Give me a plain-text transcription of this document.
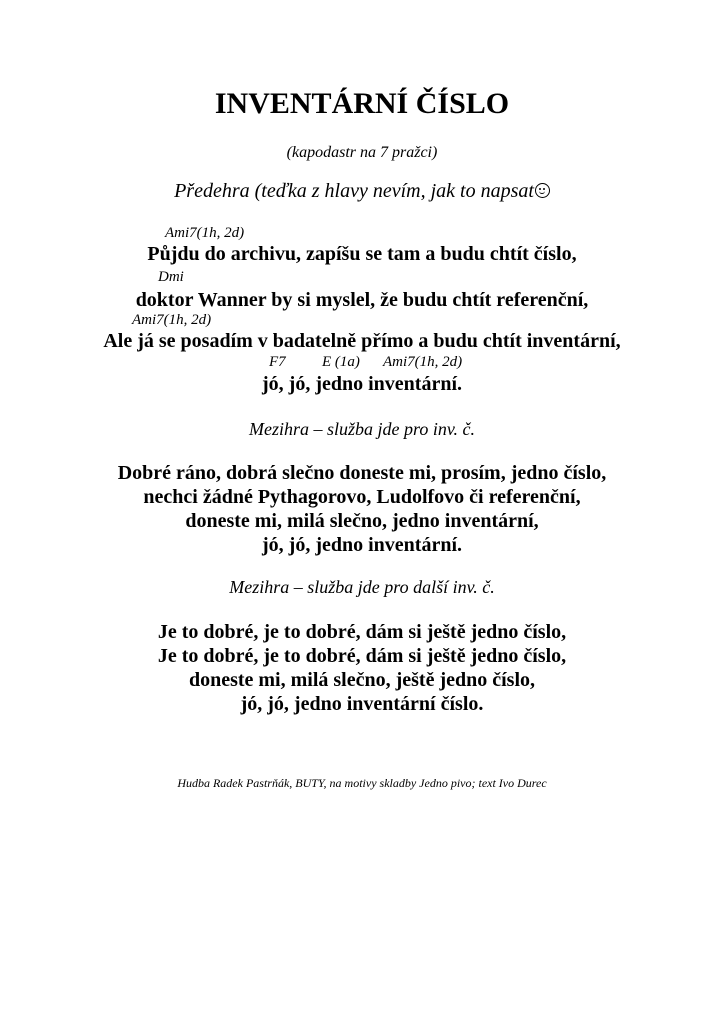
INVENTÁRNÍ ČÍSLO
(kapodastr na 7 pražci)
Předehra (teďka z hlavy nevím, jak to napsat
Ami7(1h, 2d)
Půjdu do archivu, zapíšu se tam a budu chtít číslo,
Dmi
doktor Wanner by si myslel, že budu chtít referenční,
Ami7(1h, 2d)
Ale já se posadím v badatelně přímo a budu chtít inventární,
F7 E (1a) Ami7(1h, 2d)
jó, jó, jedno inventární.
Mezihra – služba jde pro inv. č.
Dobré ráno, dobrá slečno doneste mi, prosím, jedno číslo,
nechci žádné Pythagorovo, Ludolfovo či referenční,
doneste mi, milá slečno, jedno inventární,
jó, jó, jedno inventární.
Mezihra – služba jde pro další inv. č.
Je to dobré, je to dobré, dám si ještě jedno číslo,
Je to dobré, je to dobré, dám si ještě jedno číslo,
doneste mi, milá slečno, ještě jedno číslo,
jó, jó, jedno inventární číslo.
Hudba Radek Pastrňák, BUTY, na motivy skladby Jedno pivo; text Ivo Durec
